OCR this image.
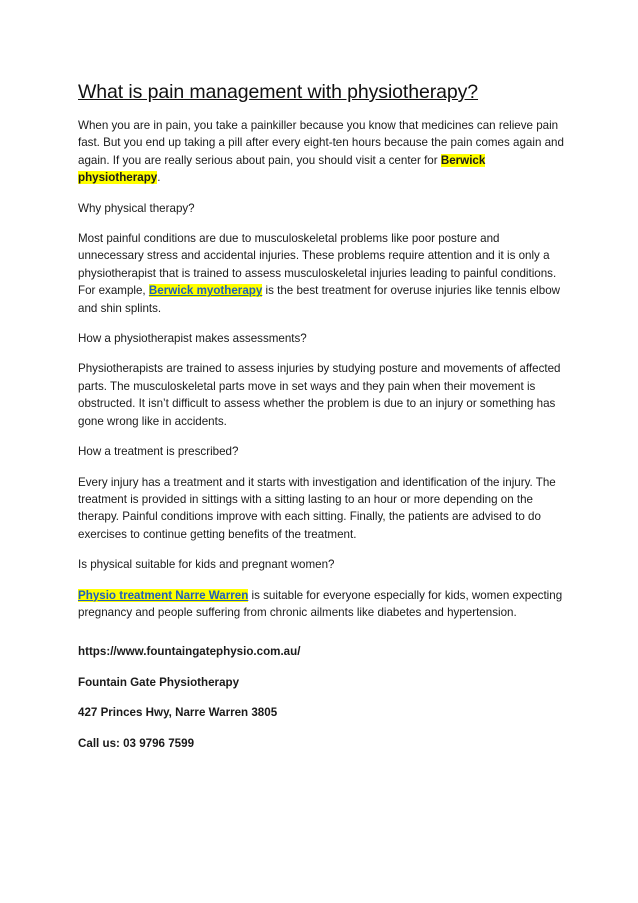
What is pain management with physiotherapy?

When you are in pain, you take a painkiller because you know that medicines can relieve pain fast. But you end up taking a pill after every eight-ten hours because the pain comes again and again. If you are really serious about pain, you should visit a center for Berwick physiotherapy.

Why physical therapy?

Most painful conditions are due to musculoskeletal problems like poor posture and unnecessary stress and accidental injuries. These problems require attention and it is only a physiotherapist that is trained to assess musculoskeletal injuries leading to painful conditions. For example, Berwick myotherapy is the best treatment for overuse injuries like tennis elbow and shin splints.

How a physiotherapist makes assessments?

Physiotherapists are trained to assess injuries by studying posture and movements of affected parts. The musculoskeletal parts move in set ways and they pain when their movement is obstructed. It isn’t difficult to assess whether the problem is due to an injury or something has gone wrong like in accidents.

How a treatment is prescribed?

Every injury has a treatment and it starts with investigation and identification of the injury. The treatment is provided in sittings with a sitting lasting to an hour or more depending on the therapy. Painful conditions improve with each sitting. Finally, the patients are advised to do exercises to continue getting benefits of the treatment.

Is physical suitable for kids and pregnant women?

Physio treatment Narre Warren is suitable for everyone especially for kids, women expecting pregnancy and people suffering from chronic ailments like diabetes and hypertension.

https://www.fountaingatephysio.com.au/

Fountain Gate Physiotherapy

427 Princes Hwy, Narre Warren 3805

Call us: 03 9796 7599
